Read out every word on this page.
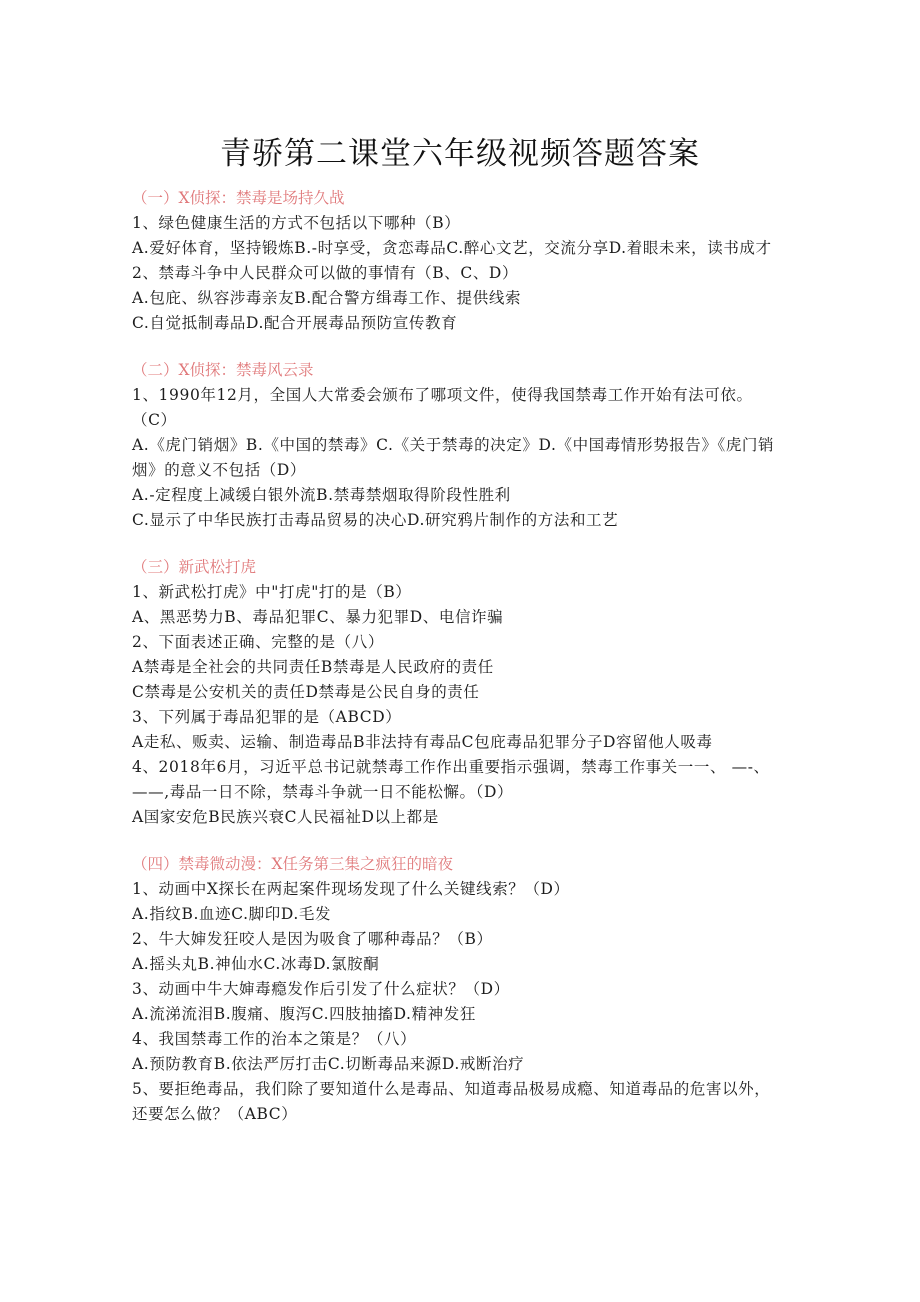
青骄第二课堂六年级视频答题答案

（一）X侦探：禁毒是场持久战

1、绿色健康生活的方式不包括以下哪种（B）

A.爱好体育，坚持锻炼B.-时享受，贪恋毒品C.醉心文艺，交流分享D.着眼未来，读书成才

2、禁毒斗争中人民群众可以做的事情有（B、C、D）

A.包庇、纵容涉毒亲友B.配合警方缉毒工作、提供线索

C.自觉抵制毒品D.配合开展毒品预防宣传教育

（二）X侦探：禁毒风云录

1、1990年12月，全国人大常委会颁布了哪项文件，使得我国禁毒工作开始有法可依。（C）

A.《虎门销烟》B.《中国的禁毒》C.《关于禁毒的决定》D.《中国毒情形势报告》《虎门销烟》的意义不包括（D）

A.-定程度上减缓白银外流B.禁毒禁烟取得阶段性胜利

C.显示了中华民族打击毒品贸易的决心D.研究鸦片制作的方法和工艺

（三）新武松打虎

1、新武松打虎》中"打虎"打的是（B）

A、黑恶势力B、毒品犯罪C、暴力犯罪D、电信诈骗

2、下面表述正确、完整的是（八）

A禁毒是全社会的共同责任B禁毒是人民政府的责任

C禁毒是公安机关的责任D禁毒是公民自身的责任

3、下列属于毒品犯罪的是（ABCD）

A走私、贩卖、运输、制造毒品B非法持有毒品C包庇毒品犯罪分子D容留他人吸毒

4、2018年6月，习近平总书记就禁毒工作作出重要指示强调，禁毒工作事关一一、 —-、——,毒品一日不除，禁毒斗争就一日不能松懈。（D）

A国家安危B民族兴衰C人民福祉D以上都是

（四）禁毒微动漫：X任务第三集之疯狂的暗夜

1、动画中X探长在两起案件现场发现了什么关键线索？（D）

A.指纹B.血迹C.脚印D.毛发

2、牛大婶发狂咬人是因为吸食了哪种毒品？（B）

A.摇头丸B.神仙水C.冰毒D.氯胺酮

3、动画中牛大婶毒瘾发作后引发了什么症状？（D）

A.流涕流泪B.腹痛、腹泻C.四肢抽搐D.精神发狂

4、我国禁毒工作的治本之策是？（八）

A.预防教育B.依法严厉打击C.切断毒品来源D.戒断治疗

5、要拒绝毒品，我们除了要知道什么是毒品、知道毒品极易成瘾、知道毒品的危害以外，还要怎么做？（ABC）
